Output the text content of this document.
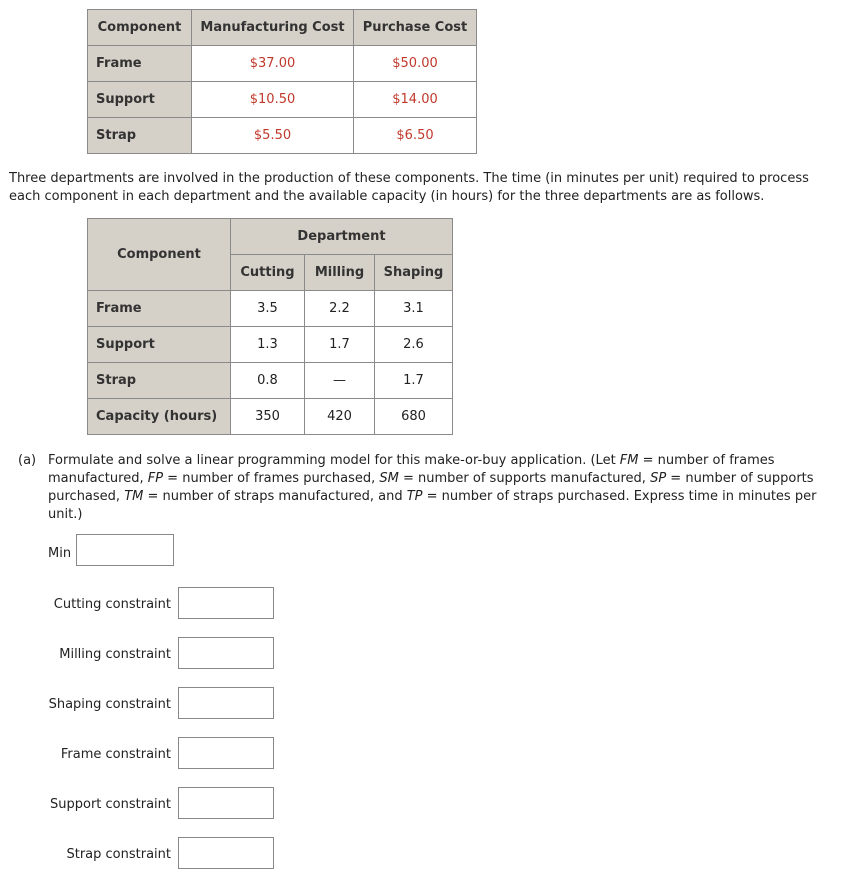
Component	Manufacturing Cost	Purchase Cost
Frame	$37.00	$50.00
Support	$10.50	$14.00
Strap	$5.50	$6.50
Three departments are involved in the production of these components. The time (in minutes per unit) required to process each component in each department and the available capacity (in hours) for the three departments are as follows.
Component	Department		
	Cutting	Milling	Shaping
Frame	3.5	2.2	3.1
Support	1.3	1.7	2.6
Strap	0.8	—	1.7
Capacity (hours)	350	420	680
(a) Formulate and solve a linear programming model for this make-or-buy application. (Let FM = number of frames manufactured, FP = number of frames purchased, SM = number of supports manufactured, SP = number of supports purchased, TM = number of straps manufactured, and TP = number of straps purchased. Express time in minutes per unit.)
Min
Cutting constraint
Milling constraint
Shaping constraint
Frame constraint
Support constraint
Strap constraint
